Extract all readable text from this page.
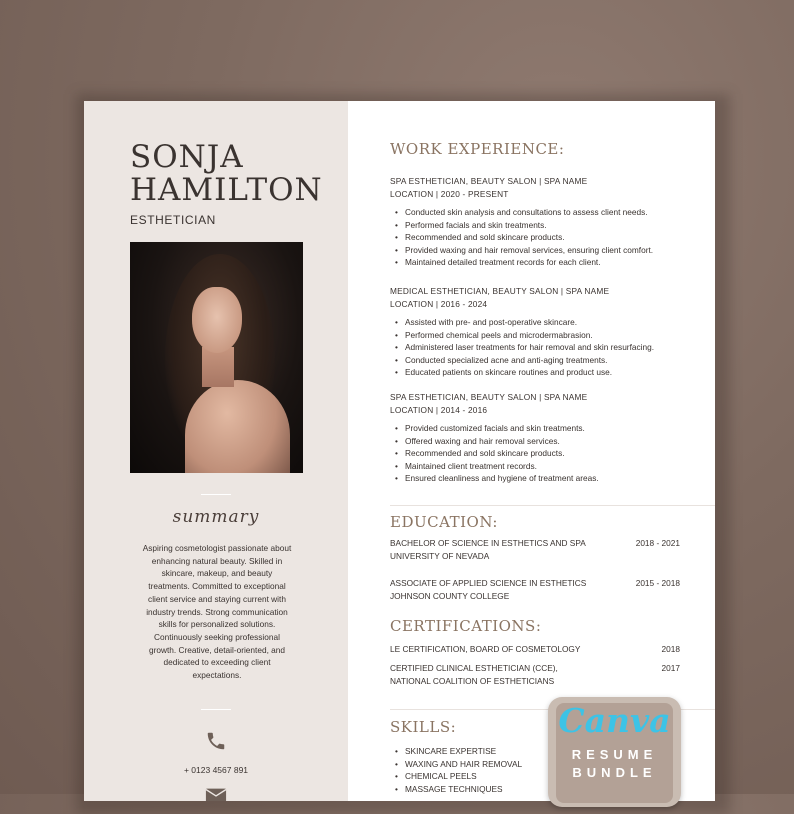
SONJA
HAMILTON
ESTHETICIAN
summary
Aspiring cosmetologist passionate about enhancing natural beauty. Skilled in skincare, makeup, and beauty treatments. Committed to exceptional client service and staying current with industry trends. Strong communication skills for personalized solutions. Continuously seeking professional growth. Creative, detail-oriented, and dedicated to exceeding client expectations.
+ 0123 4567 891
WORK EXPERIENCE:
SPA ESTHETICIAN, BEAUTY SALON | SPA NAME
LOCATION | 2020 - PRESENT
• Conducted skin analysis and consultations to assess client needs.
• Performed facials and skin treatments.
• Recommended and sold skincare products.
• Provided waxing and hair removal services, ensuring client comfort.
• Maintained detailed treatment records for each client.
MEDICAL ESTHETICIAN, BEAUTY SALON | SPA NAME
LOCATION | 2016 - 2024
• Assisted with pre- and post-operative skincare.
• Performed chemical peels and microdermabrasion.
• Administered laser treatments for hair removal and skin resurfacing.
• Conducted specialized acne and anti-aging treatments.
• Educated patients on skincare routines and product use.
SPA ESTHETICIAN, BEAUTY SALON | SPA NAME
LOCATION | 2014 - 2016
• Provided customized facials and skin treatments.
• Offered waxing and hair removal services.
• Recommended and sold skincare products.
• Maintained client treatment records.
• Ensured cleanliness and hygiene of treatment areas.
EDUCATION:
BACHELOR OF SCIENCE IN ESTHETICS AND SPA
UNIVERSITY OF NEVADA
2018 - 2021
ASSOCIATE OF APPLIED SCIENCE IN ESTHETICS
JOHNSON COUNTY COLLEGE
2015 - 2018
CERTIFICATIONS:
LE CERTIFICATION, BOARD OF COSMETOLOGY	2018
CERTIFIED CLINICAL ESTHETICIAN (CCE),
NATIONAL COALITION OF ESTHETICIANS
2017
SKILLS:
• SKINCARE EXPERTISE
• WAXING AND HAIR REMOVAL
• CHEMICAL PEELS
• MASSAGE TECHNIQUES
Canva
RESUME
BUNDLE
